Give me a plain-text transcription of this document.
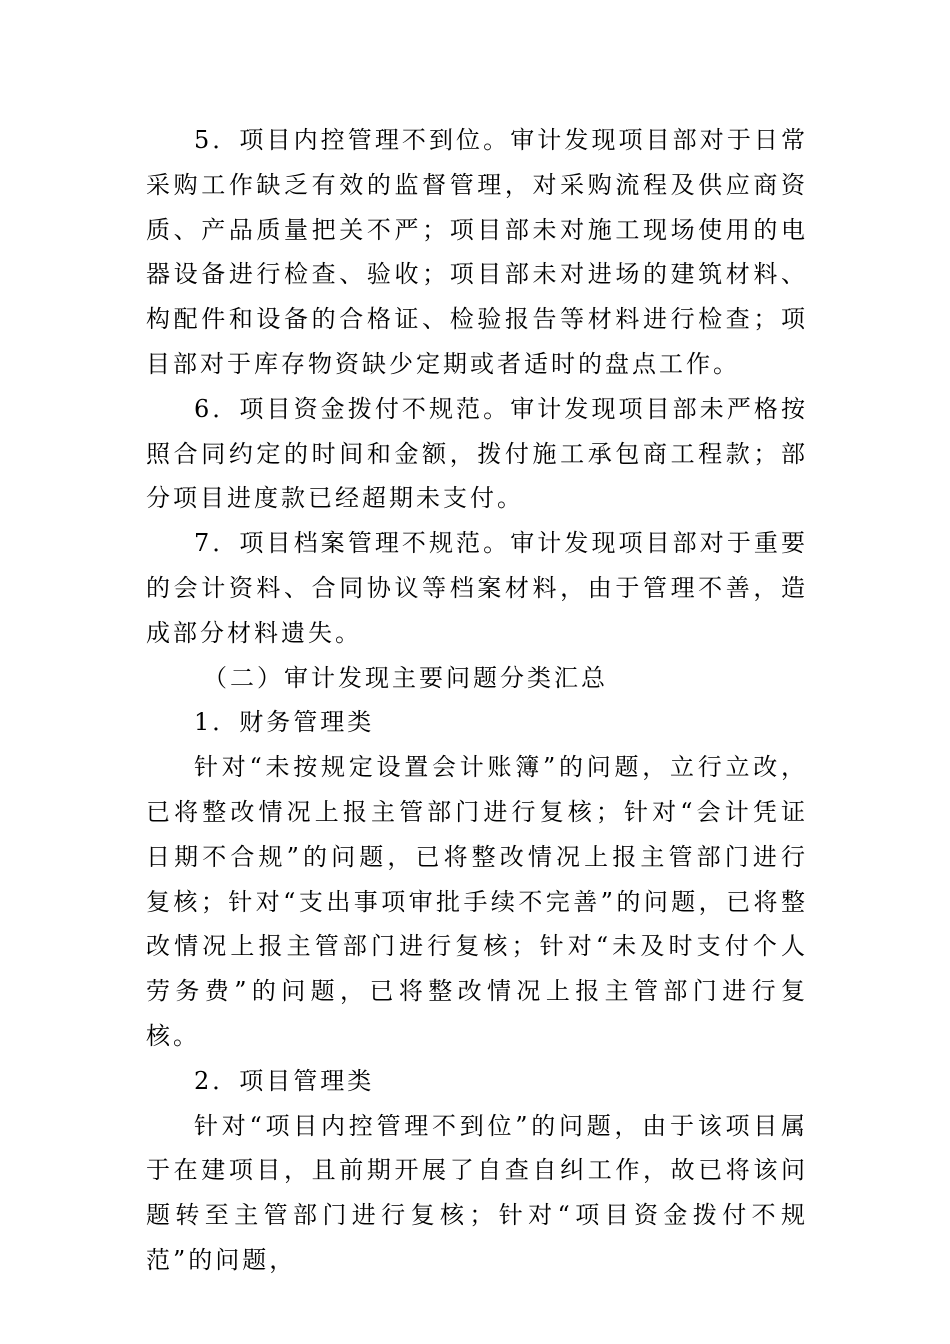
5．项目内控管理不到位。审计发现项目部对于日常采购工作缺乏有效的监督管理，对采购流程及供应商资质、产品质量把关不严；项目部未对施工现场使用的电器设备进行检查、验收；项目部未对进场的建筑材料、构配件和设备的合格证、检验报告等材料进行检查；项目部对于库存物资缺少定期或者适时的盘点工作。

6．项目资金拨付不规范。审计发现项目部未严格按照合同约定的时间和金额，拨付施工承包商工程款；部分项目进度款已经超期未支付。

7．项目档案管理不规范。审计发现项目部对于重要的会计资料、合同协议等档案材料，由于管理不善，造成部分材料遗失。

（二）审计发现主要问题分类汇总

1．财务管理类

针对“未按规定设置会计账簿”的问题，立行立改，已将整改情况上报主管部门进行复核；针对“会计凭证日期不合规”的问题，已将整改情况上报主管部门进行复核；针对“支出事项审批手续不完善”的问题，已将整改情况上报主管部门进行复核；针对“未及时支付个人劳务费”的问题，已将整改情况上报主管部门进行复核。

2．项目管理类

针对“项目内控管理不到位”的问题，由于该项目属于在建项目，且前期开展了自查自纠工作，故已将该问题转至主管部门进行复核；针对“项目资金拨付不规范”的问题，
